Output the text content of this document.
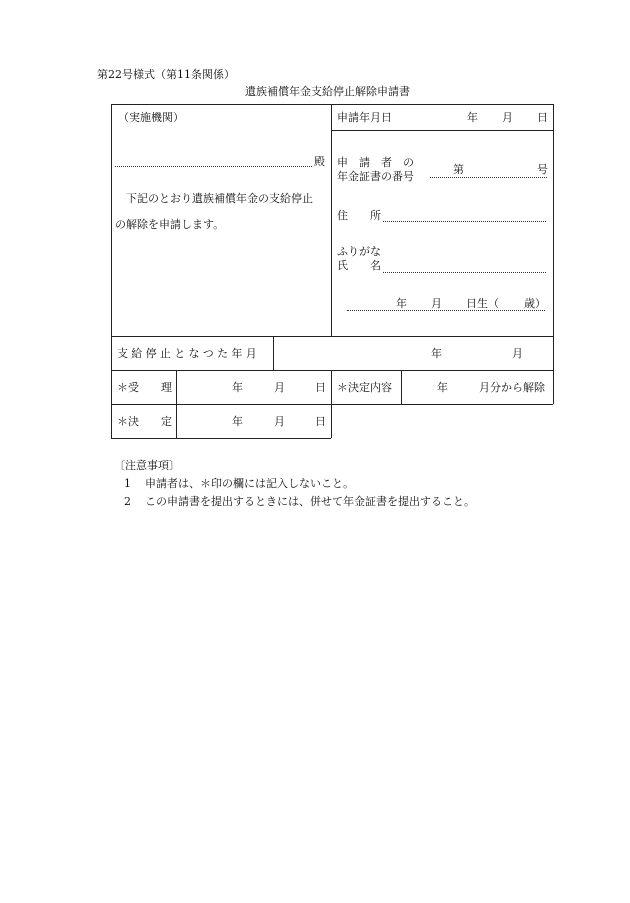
第22号様式（第11条関係）
遺族補償年金支給停止解除申請書
（実施機関）
殿
下記のとおり遺族補償年金の支給停止
の解除を申請します。
申請年月日	年 月 日
申　請　者　の
年金証書の番号
第	号
住　　所
ふりがな
氏　　名
年 月 日生（ 歳）
支給停止となつた年月	年	月
＊受　　理	年	月	日 ＊決定内容	年	月分から解除
＊決　　定	年	月	日
〔注意事項〕
1 申請者は、＊印の欄には記入しないこと。
2 この申請書を提出するときには、併せて年金証書を提出すること。
